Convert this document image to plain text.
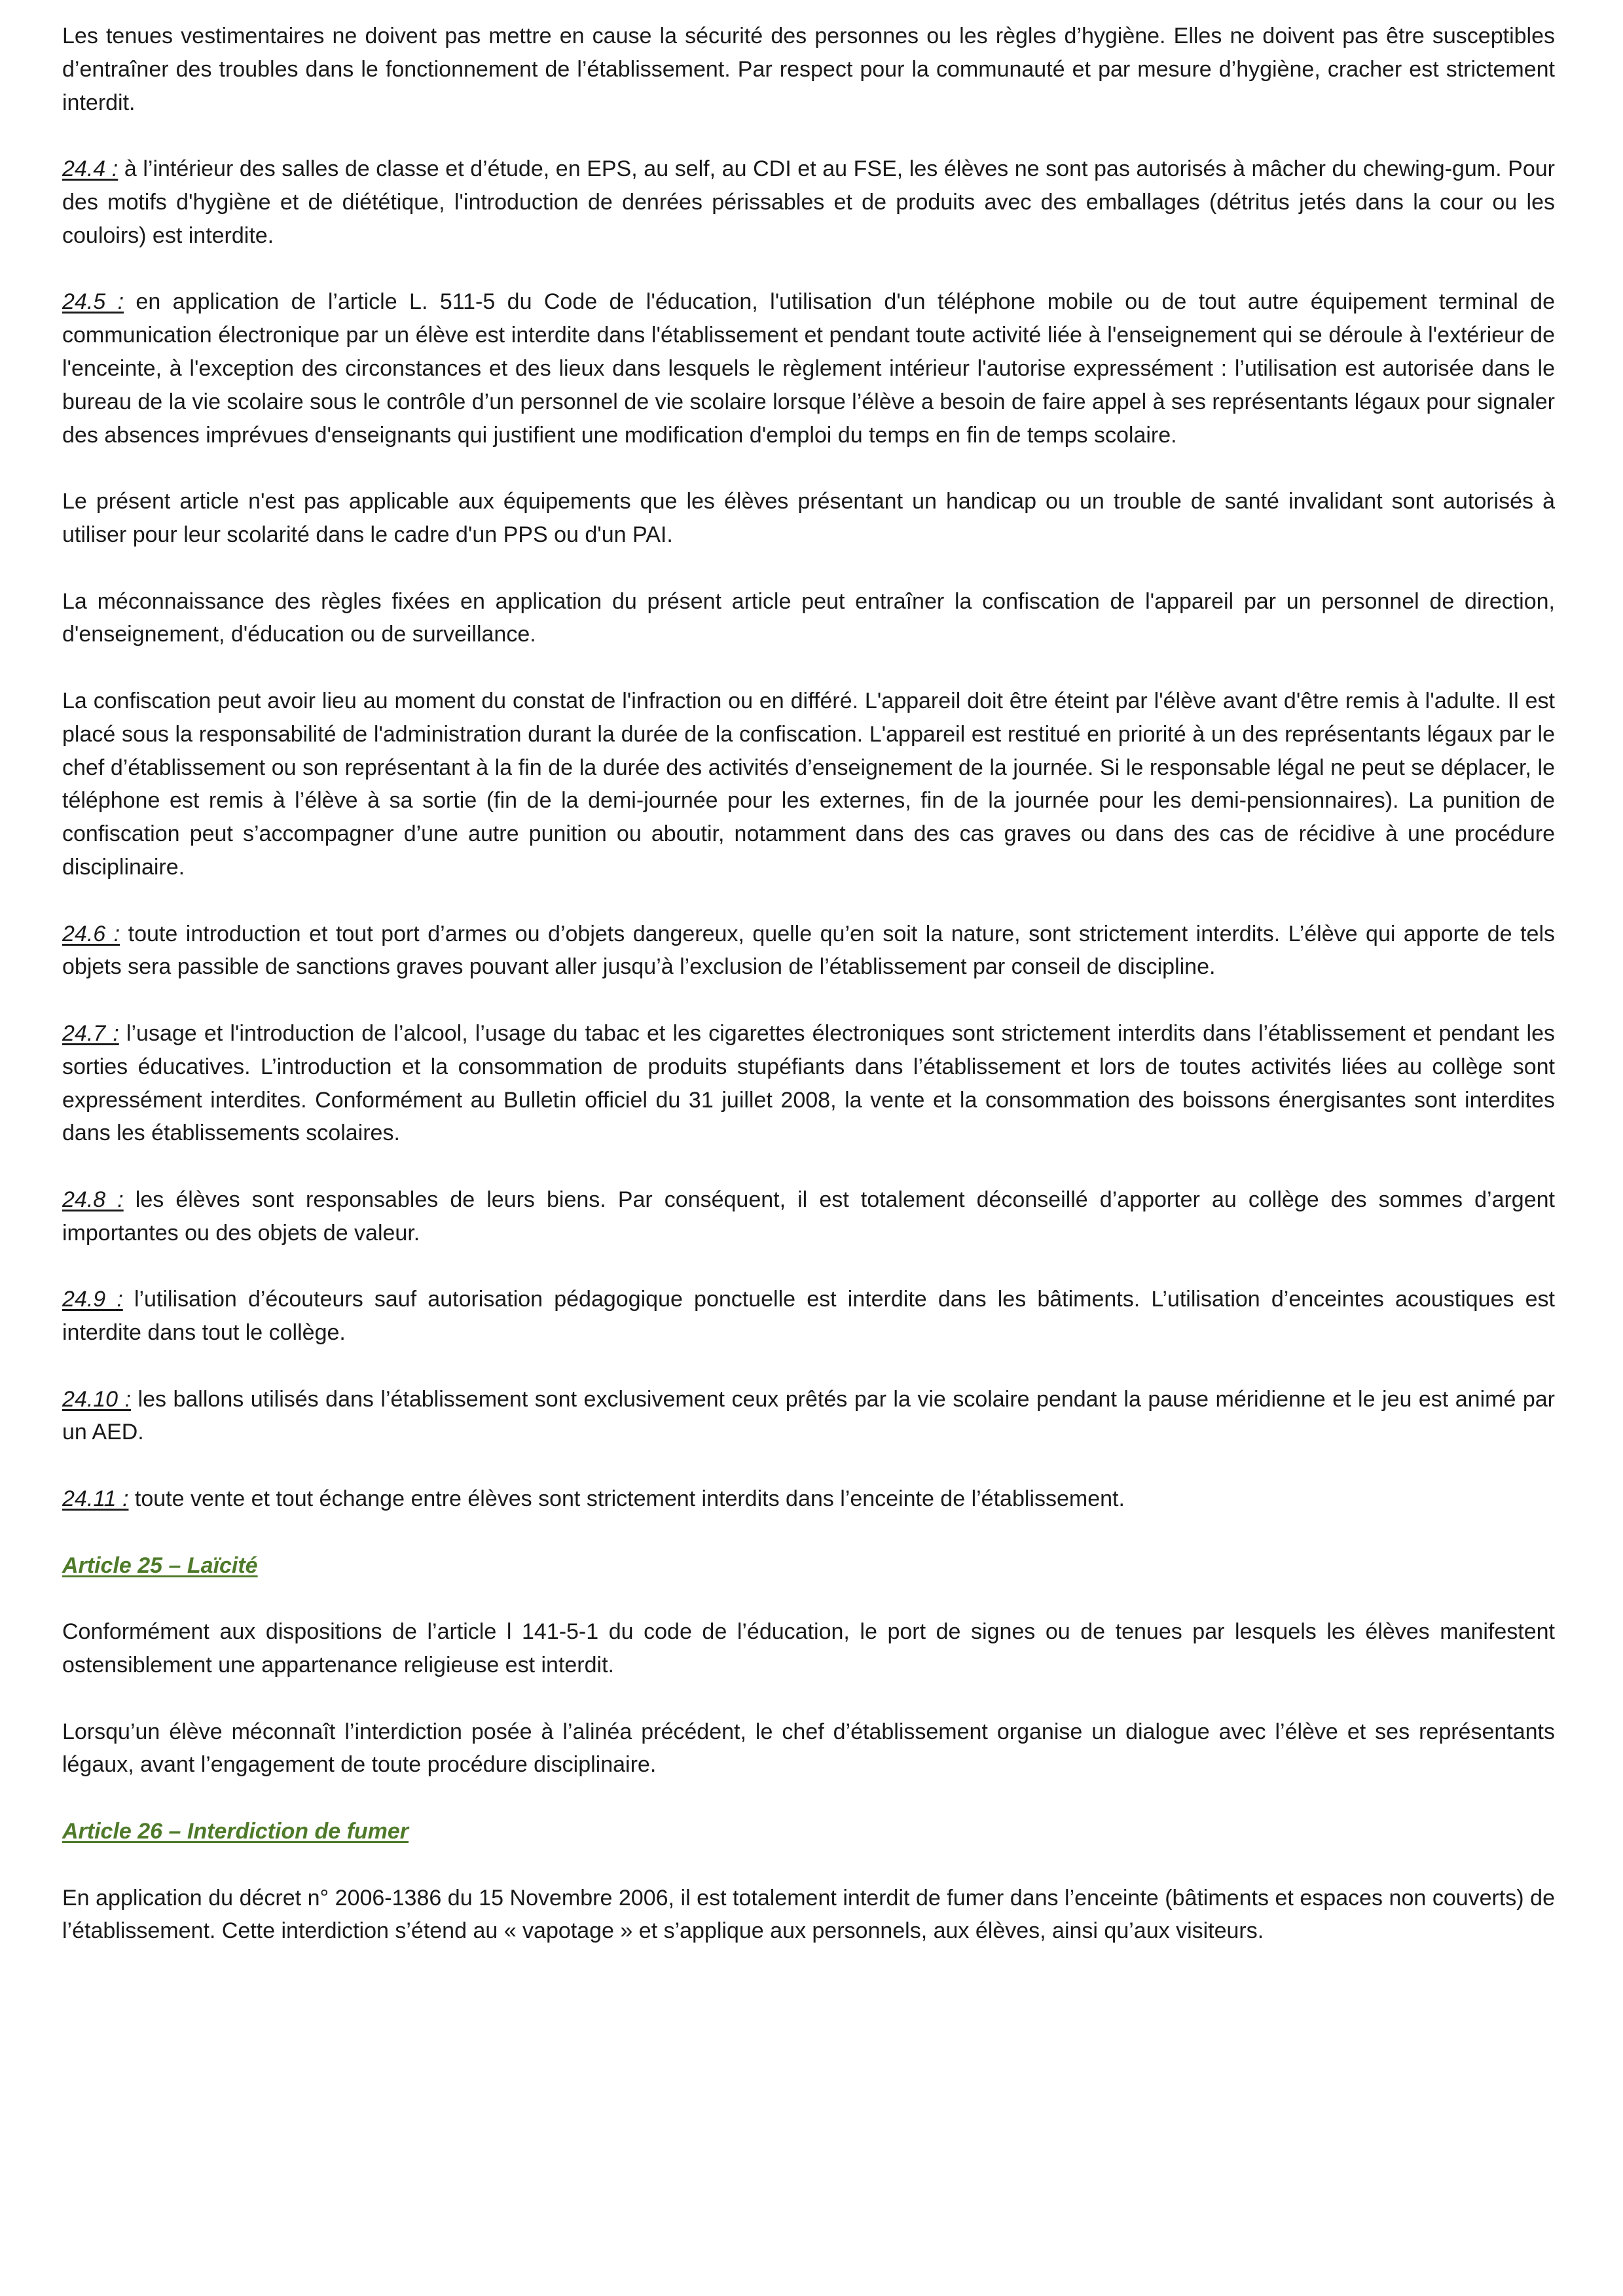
Les tenues vestimentaires ne doivent pas mettre en cause la sécurité des personnes ou les règles d’hygiène. Elles ne doivent pas être susceptibles d’entraîner des troubles dans le fonctionnement de l’établissement. Par respect pour la communauté et par mesure d’hygiène, cracher est strictement interdit.

24.4 : à l’intérieur des salles de classe et d’étude, en EPS, au self, au CDI et au FSE, les élèves ne sont pas autorisés à mâcher du chewing-gum. Pour des motifs d'hygiène et de diététique, l'introduction de denrées périssables et de produits avec des emballages (détritus jetés dans la cour ou les couloirs) est interdite.

24.5 : en application de l’article L. 511-5 du Code de l'éducation, l'utilisation d'un téléphone mobile ou de tout autre équipement terminal de communication électronique par un élève est interdite dans l'établissement et pendant toute activité liée à l'enseignement qui se déroule à l'extérieur de l'enceinte, à l'exception des circonstances et des lieux dans lesquels le règlement intérieur l'autorise expressément : l’utilisation est autorisée dans le bureau de la vie scolaire sous le contrôle d’un personnel de vie scolaire lorsque l’élève a besoin de faire appel à ses représentants légaux pour signaler des absences imprévues d'enseignants qui justifient une modification d'emploi du temps en fin de temps scolaire.

Le présent article n'est pas applicable aux équipements que les élèves présentant un handicap ou un trouble de santé invalidant sont autorisés à utiliser pour leur scolarité dans le cadre d'un PPS ou d'un PAI.

La méconnaissance des règles fixées en application du présent article peut entraîner la confiscation de l'appareil par un personnel de direction, d'enseignement, d'éducation ou de surveillance.

La confiscation peut avoir lieu au moment du constat de l'infraction ou en différé. L'appareil doit être éteint par l'élève avant d'être remis à l'adulte. Il est placé sous la responsabilité de l'administration durant la durée de la confiscation. L'appareil est restitué en priorité à un des représentants légaux par le chef d’établissement ou son représentant à la fin de la durée des activités d’enseignement de la journée. Si le responsable légal ne peut se déplacer, le téléphone est remis à l’élève à sa sortie (fin de la demi-journée pour les externes, fin de la journée pour les demi-pensionnaires). La punition de confiscation peut s’accompagner d’une autre punition ou aboutir, notamment dans des cas graves ou dans des cas de récidive à une procédure disciplinaire.

24.6 : toute introduction et tout port d’armes ou d’objets dangereux, quelle qu’en soit la nature, sont strictement interdits. L’élève qui apporte de tels objets sera passible de sanctions graves pouvant aller jusqu’à l’exclusion de l’établissement par conseil de discipline.

24.7 : l’usage et l'introduction de l’alcool, l’usage du tabac et les cigarettes électroniques sont strictement interdits dans l’établissement et pendant les sorties éducatives. L’introduction et la consommation de produits stupéfiants dans l’établissement et lors de toutes activités liées au collège sont expressément interdites. Conformément au Bulletin officiel du 31 juillet 2008, la vente et la consommation des boissons énergisantes sont interdites dans les établissements scolaires.

24.8 : les élèves sont responsables de leurs biens. Par conséquent, il est totalement déconseillé d’apporter au collège des sommes d’argent importantes ou des objets de valeur.

24.9 : l’utilisation d’écouteurs sauf autorisation pédagogique ponctuelle est interdite dans les bâtiments. L’utilisation d’enceintes acoustiques est interdite dans tout le collège.

24.10 : les ballons utilisés dans l’établissement sont exclusivement ceux prêtés par la vie scolaire pendant la pause méridienne et le jeu est animé par un AED.

24.11 : toute vente et tout échange entre élèves sont strictement interdits dans l’enceinte de l’établissement.

Article 25 – Laïcité

Conformément aux dispositions de l’article l 141-5-1 du code de l’éducation, le port de signes ou de tenues par lesquels les élèves manifestent ostensiblement une appartenance religieuse est interdit.

Lorsqu’un élève méconnaît l’interdiction posée à l’alinéa précédent, le chef d’établissement organise un dialogue avec l’élève et ses représentants légaux, avant l’engagement de toute procédure disciplinaire.

Article 26 – Interdiction de fumer

En application du décret n° 2006-1386 du 15 Novembre 2006, il est totalement interdit de fumer dans l’enceinte (bâtiments et espaces non couverts) de l’établissement. Cette interdiction s’étend au « vapotage » et s’applique aux personnels, aux élèves, ainsi qu’aux visiteurs.
